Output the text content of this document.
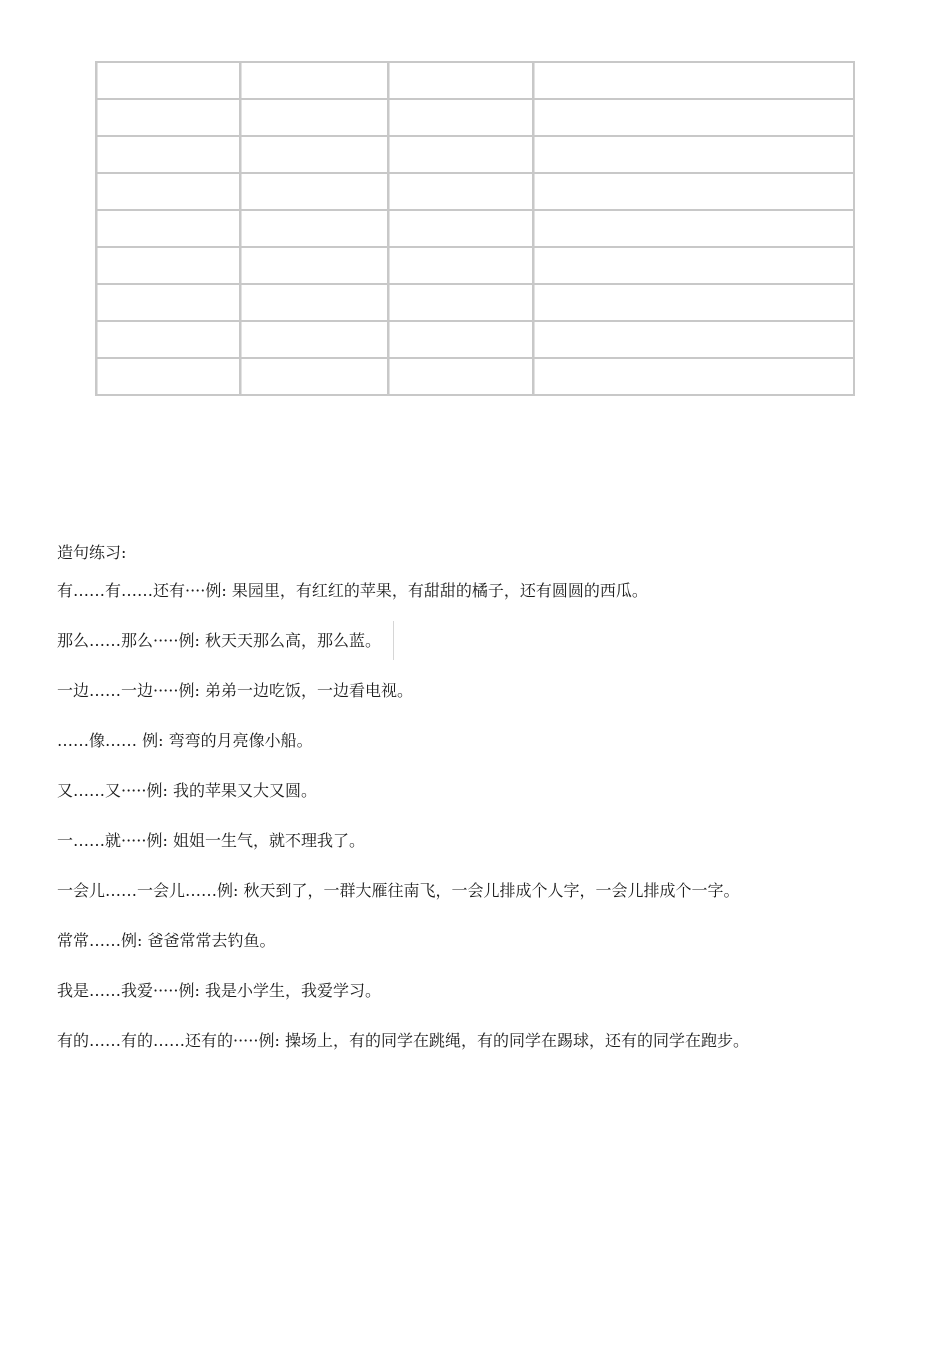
造句练习:
有……有……还有····例: 果园里，有红红的苹果，有甜甜的橘子，还有圆圆的西瓜。
那么……那么·····例: 秋天天那么高，那么蓝。
一边……一边·····例: 弟弟一边吃饭，一边看电视。
……像…… 例: 弯弯的月亮像小船。
又……又·····例: 我的苹果又大又圆。
一……就·····例: 姐姐一生气，就不理我了。
一会儿……一会儿……例: 秋天到了，一群大雁往南飞，一会儿排成个人字，一会儿排成个一字。
常常……例: 爸爸常常去钓鱼。
我是……我爱·····例: 我是小学生，我爱学习。
有的……有的……还有的·····例: 操场上，有的同学在跳绳，有的同学在踢球，还有的同学在跑步。
